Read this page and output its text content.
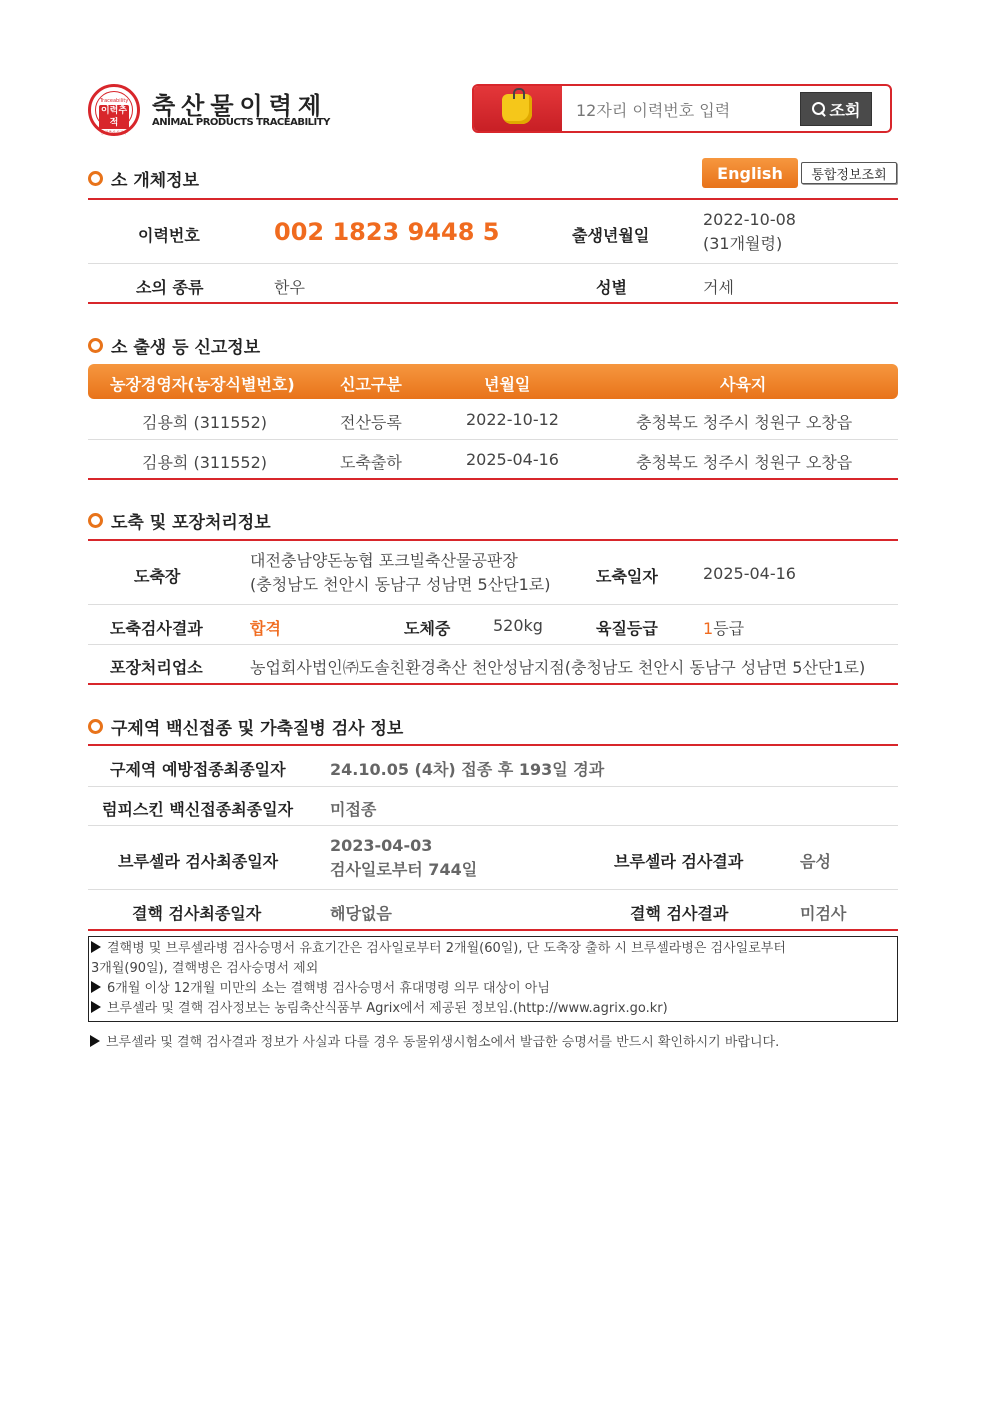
Traceability
이력추적
농림축산식품부
축산물이력제
ANIMAL PRODUCTS TRACEABILITY
12자리 이력번호 입력
조회
소 개체정보	English	통합정보조회
이력번호	002 1823 9448 5	출생년월일
2022-10-08
(31개월령)
소의 종류	한우	성별	거세
소 출생 등 신고정보
농장경영자(농장식별번호)	신고구분	년월일	사육지
김용희 (311552)	전산등록	2022-10-12	충청북도 청주시 청원구 오창읍
김용희 (311552)	도축출하	2025-04-16	충청북도 청주시 청원구 오창읍
도축 및 포장처리정보
도축장
대전충남양돈농협 포크빌축산물공판장
(충청남도 천안시 동남구 성남면 5산단1로)	도축일자	2025-04-16
도축검사결과	합격	도체중	520kg	육질등급	1등급
포장처리업소	농업회사법인㈜도솔친환경축산 천안성남지점(충청남도 천안시 동남구 성남면 5산단1로)
구제역 백신접종 및 가축질병 검사 정보
구제역 예방접종최종일자	24.10.05 (4차) 접종 후 193일 경과
럼피스킨 백신접종최종일자 미접종
브루셀라 검사최종일자
2023-04-03
검사일로부터 744일	브루셀라 검사결과	음성
결핵 검사최종일자	해당없음	결핵 검사결과	미검사
결핵병 및 브루셀라병 검사승명서 유효기간은 검사일로부터 2개월(60일), 단 도축장 출하 시 브루셀라병은 검사일로부터
3개월(90일), 결핵병은 검사승명서 제외
6개월 이상 12개월 미만의 소는 결핵병 검사승명서 휴대명령 의무 대상이 아님
브루셀라 및 결핵 검사정보는 농림축산식품부 Agrix에서 제공된 정보임.(http://www.agrix.go.kr)
브루셀라 및 결핵 검사결과 정보가 사실과 다를 경우 동물위생시험소에서 발급한 승명서를 반드시 확인하시기 바랍니다.
